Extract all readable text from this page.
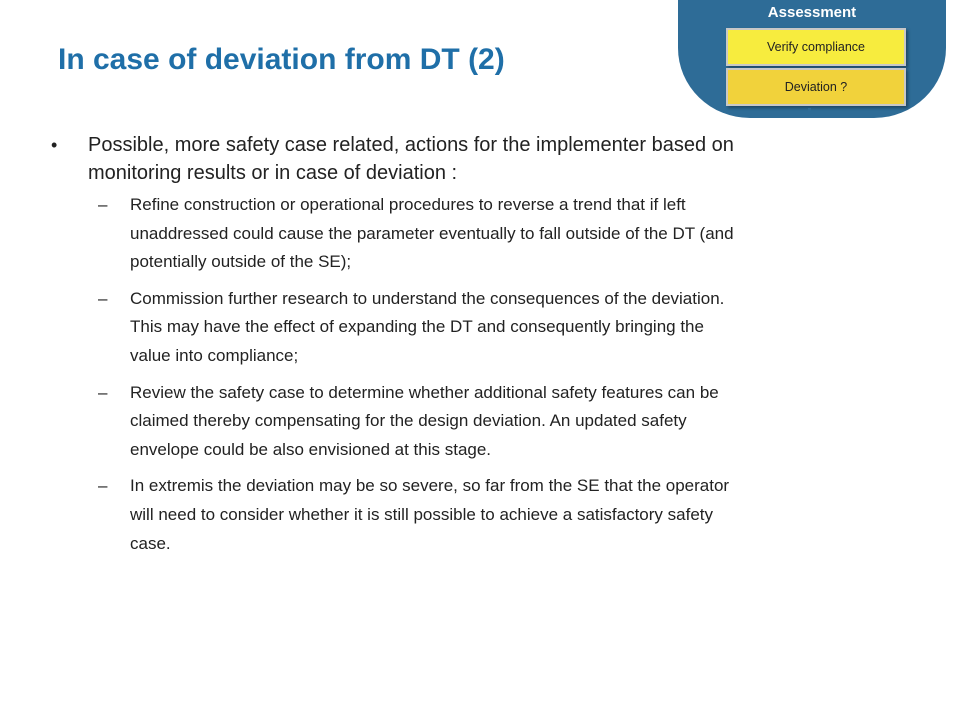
In case of deviation from DT (2)
Assessment
Verify compliance
Deviation ?
• Possible, more safety case related, actions for the implementer based on monitoring results or in case of deviation :
– Refine construction or operational procedures to reverse a trend that if left unaddressed could cause the parameter eventually to fall outside of the DT (and potentially outside of the SE);
– Commission further research to understand the consequences of the deviation. This may have the effect of expanding the DT and consequently bringing the value into compliance;
– Review the safety case to determine whether additional safety features can be claimed thereby compensating for the design deviation. An updated safety envelope could be also envisioned at this stage.
– In extremis the deviation may be so severe, so far from the SE that the operator will need to consider whether it is still possible to achieve a satisfactory safety case.
